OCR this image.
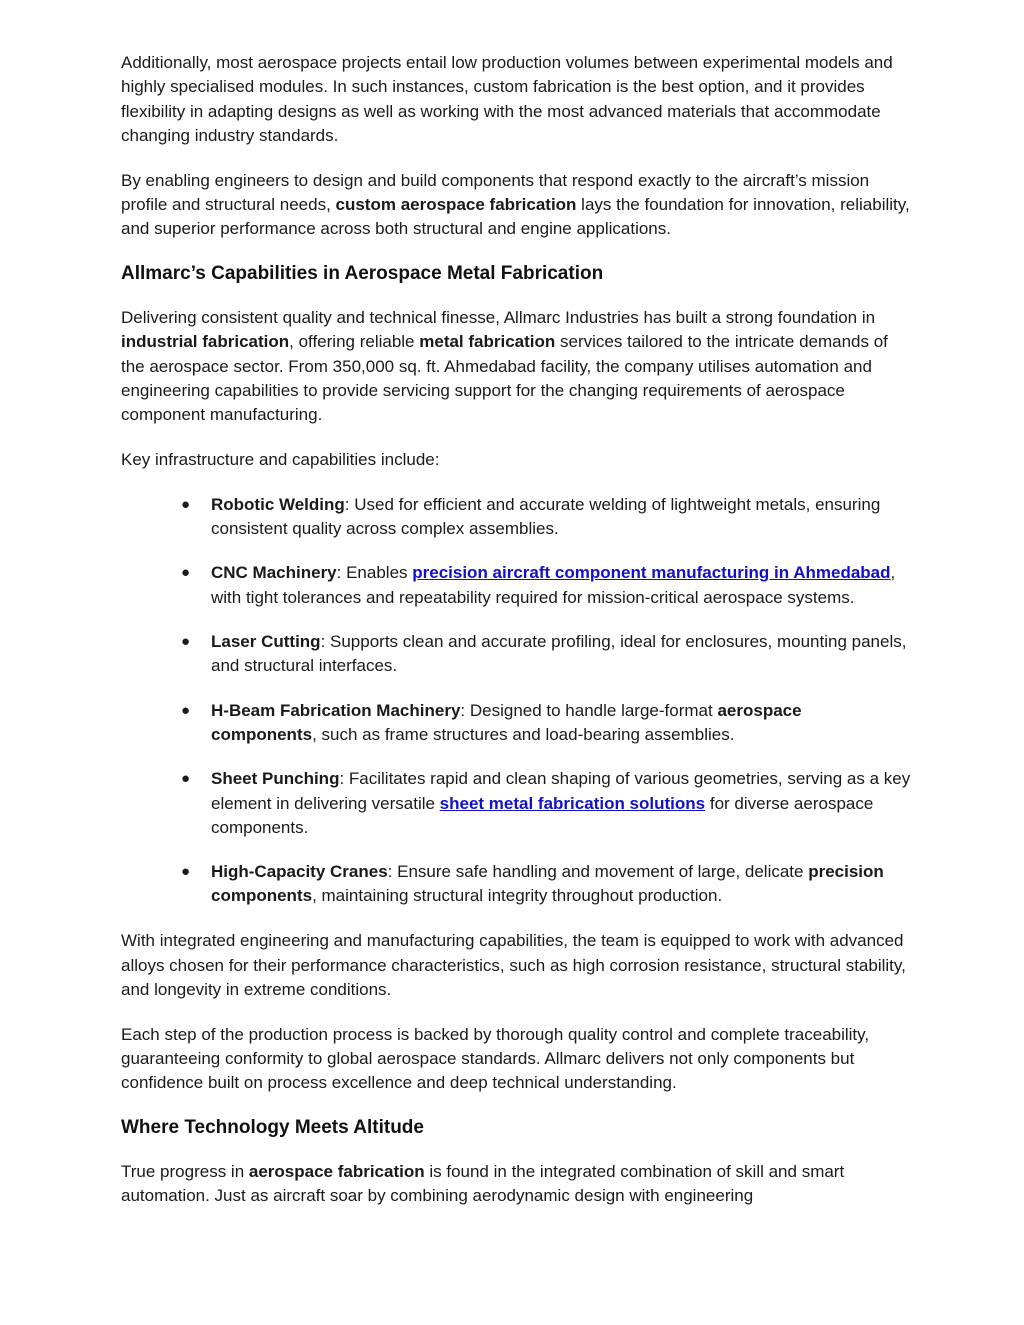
Additionally, most aerospace projects entail low production volumes between experimental models and highly specialised modules. In such instances, custom fabrication is the best option, and it provides flexibility in adapting designs as well as working with the most advanced materials that accommodate changing industry standards.

By enabling engineers to design and build components that respond exactly to the aircraft’s mission profile and structural needs, custom aerospace fabrication lays the foundation for innovation, reliability, and superior performance across both structural and engine applications.

Allmarc’s Capabilities in Aerospace Metal Fabrication

Delivering consistent quality and technical finesse, Allmarc Industries has built a strong foundation in industrial fabrication, offering reliable metal fabrication services tailored to the intricate demands of the aerospace sector. From 350,000 sq. ft. Ahmedabad facility, the company utilises automation and engineering capabilities to provide servicing support for the changing requirements of aerospace component manufacturing.

Key infrastructure and capabilities include:

● Robotic Welding: Used for efficient and accurate welding of lightweight metals, ensuring consistent quality across complex assemblies.
● CNC Machinery: Enables precision aircraft component manufacturing in Ahmedabad, with tight tolerances and repeatability required for mission-critical aerospace systems.
● Laser Cutting: Supports clean and accurate profiling, ideal for enclosures, mounting panels, and structural interfaces.
● H-Beam Fabrication Machinery: Designed to handle large-format aerospace components, such as frame structures and load-bearing assemblies.
● Sheet Punching: Facilitates rapid and clean shaping of various geometries, serving as a key element in delivering versatile sheet metal fabrication solutions for diverse aerospace components.
● High-Capacity Cranes: Ensure safe handling and movement of large, delicate precision components, maintaining structural integrity throughout production.

With integrated engineering and manufacturing capabilities, the team is equipped to work with advanced alloys chosen for their performance characteristics, such as high corrosion resistance, structural stability, and longevity in extreme conditions.

Each step of the production process is backed by thorough quality control and complete traceability, guaranteeing conformity to global aerospace standards. Allmarc delivers not only components but confidence built on process excellence and deep technical understanding.

Where Technology Meets Altitude

True progress in aerospace fabrication is found in the integrated combination of skill and smart automation. Just as aircraft soar by combining aerodynamic design with engineering
